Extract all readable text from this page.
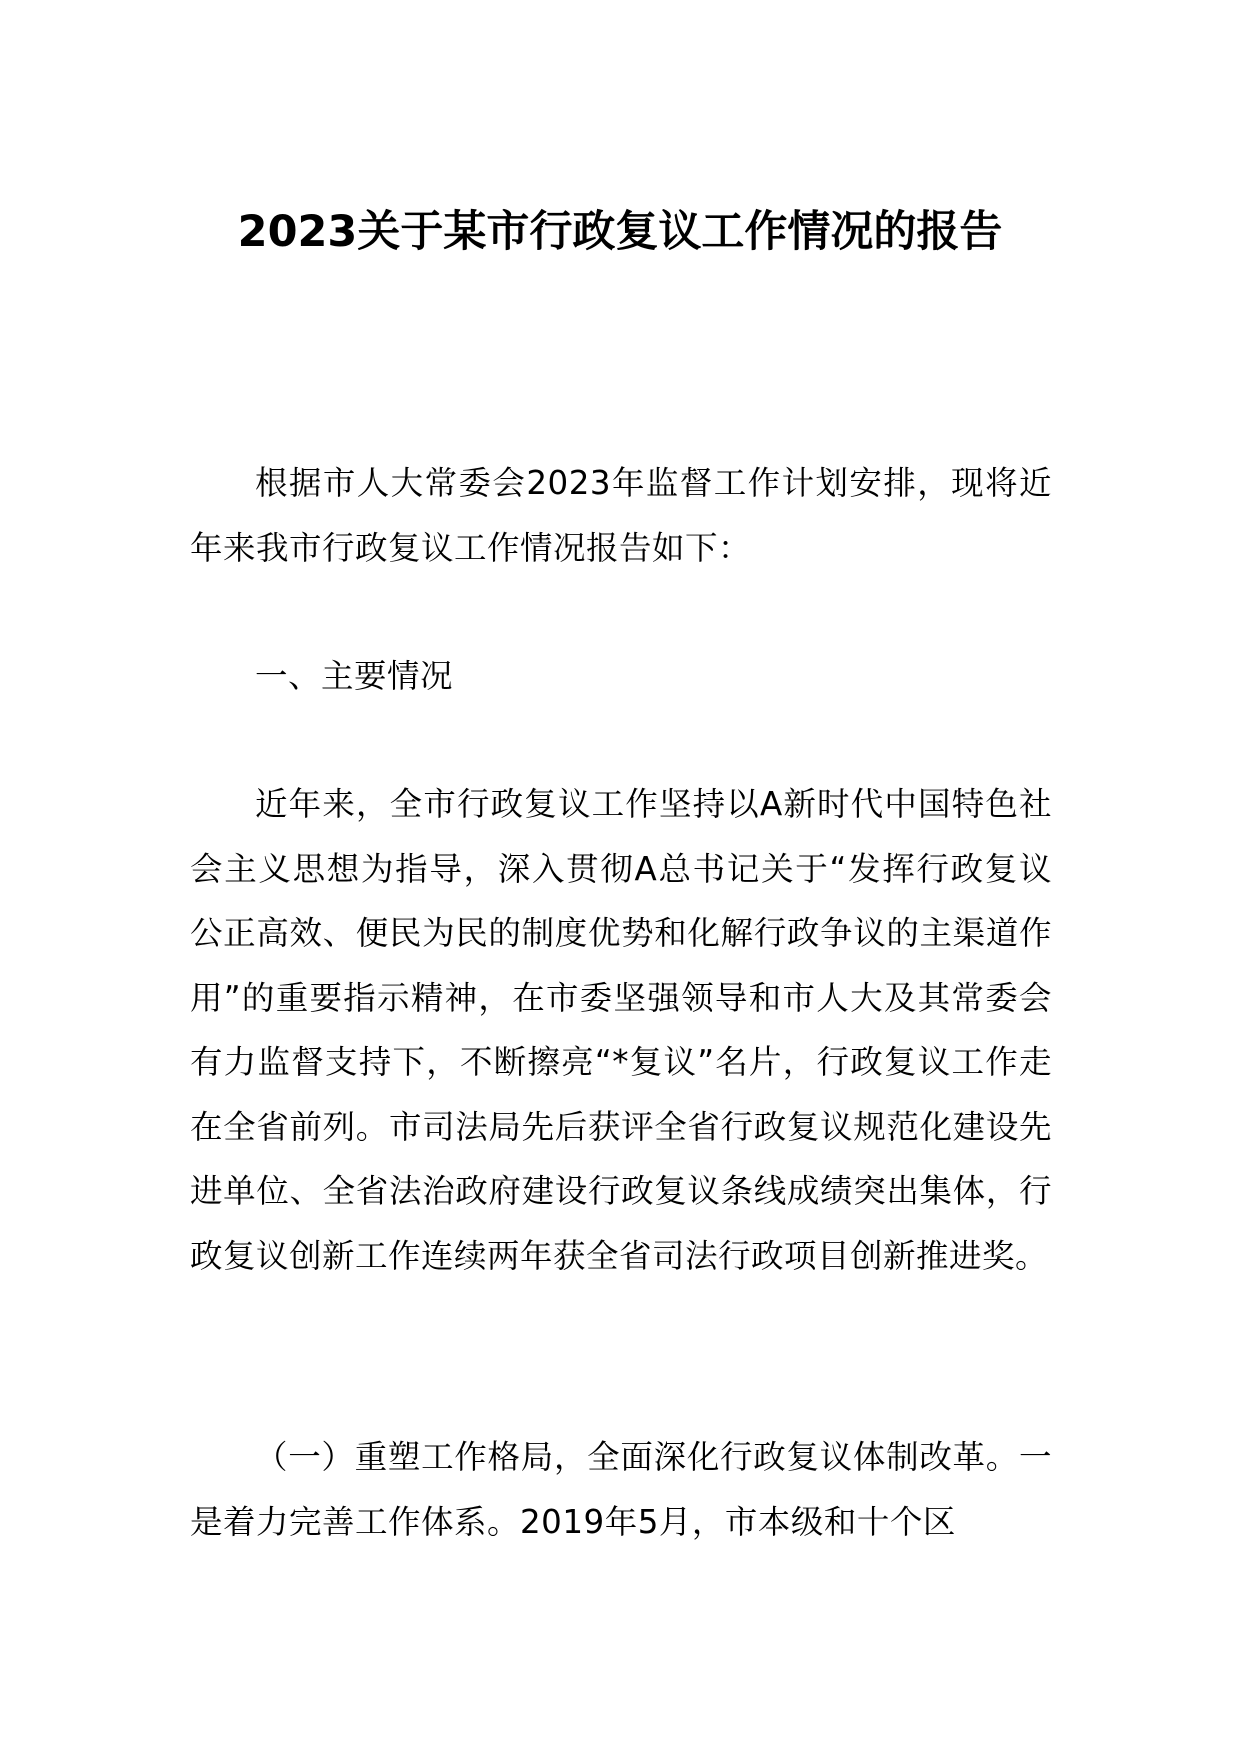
2023关于某市行政复议工作情况的报告

根据市人大常委会2023年监督工作计划安排，现将近年来我市行政复议工作情况报告如下：

一、主要情况

近年来，全市行政复议工作坚持以A新时代中国特色社会主义思想为指导，深入贯彻A总书记关于“发挥行政复议公正高效、便民为民的制度优势和化解行政争议的主渠道作用”的重要指示精神，在市委坚强领导和市人大及其常委会有力监督支持下，不断擦亮“*复议”名片，行政复议工作走在全省前列。市司法局先后获评全省行政复议规范化建设先进单位、全省法治政府建设行政复议条线成绩突出集体，行政复议创新工作连续两年获全省司法行政项目创新推进奖。

（一）重塑工作格局，全面深化行政复议体制改革。一是着力完善工作体系。2019年5月，市本级和十个区
